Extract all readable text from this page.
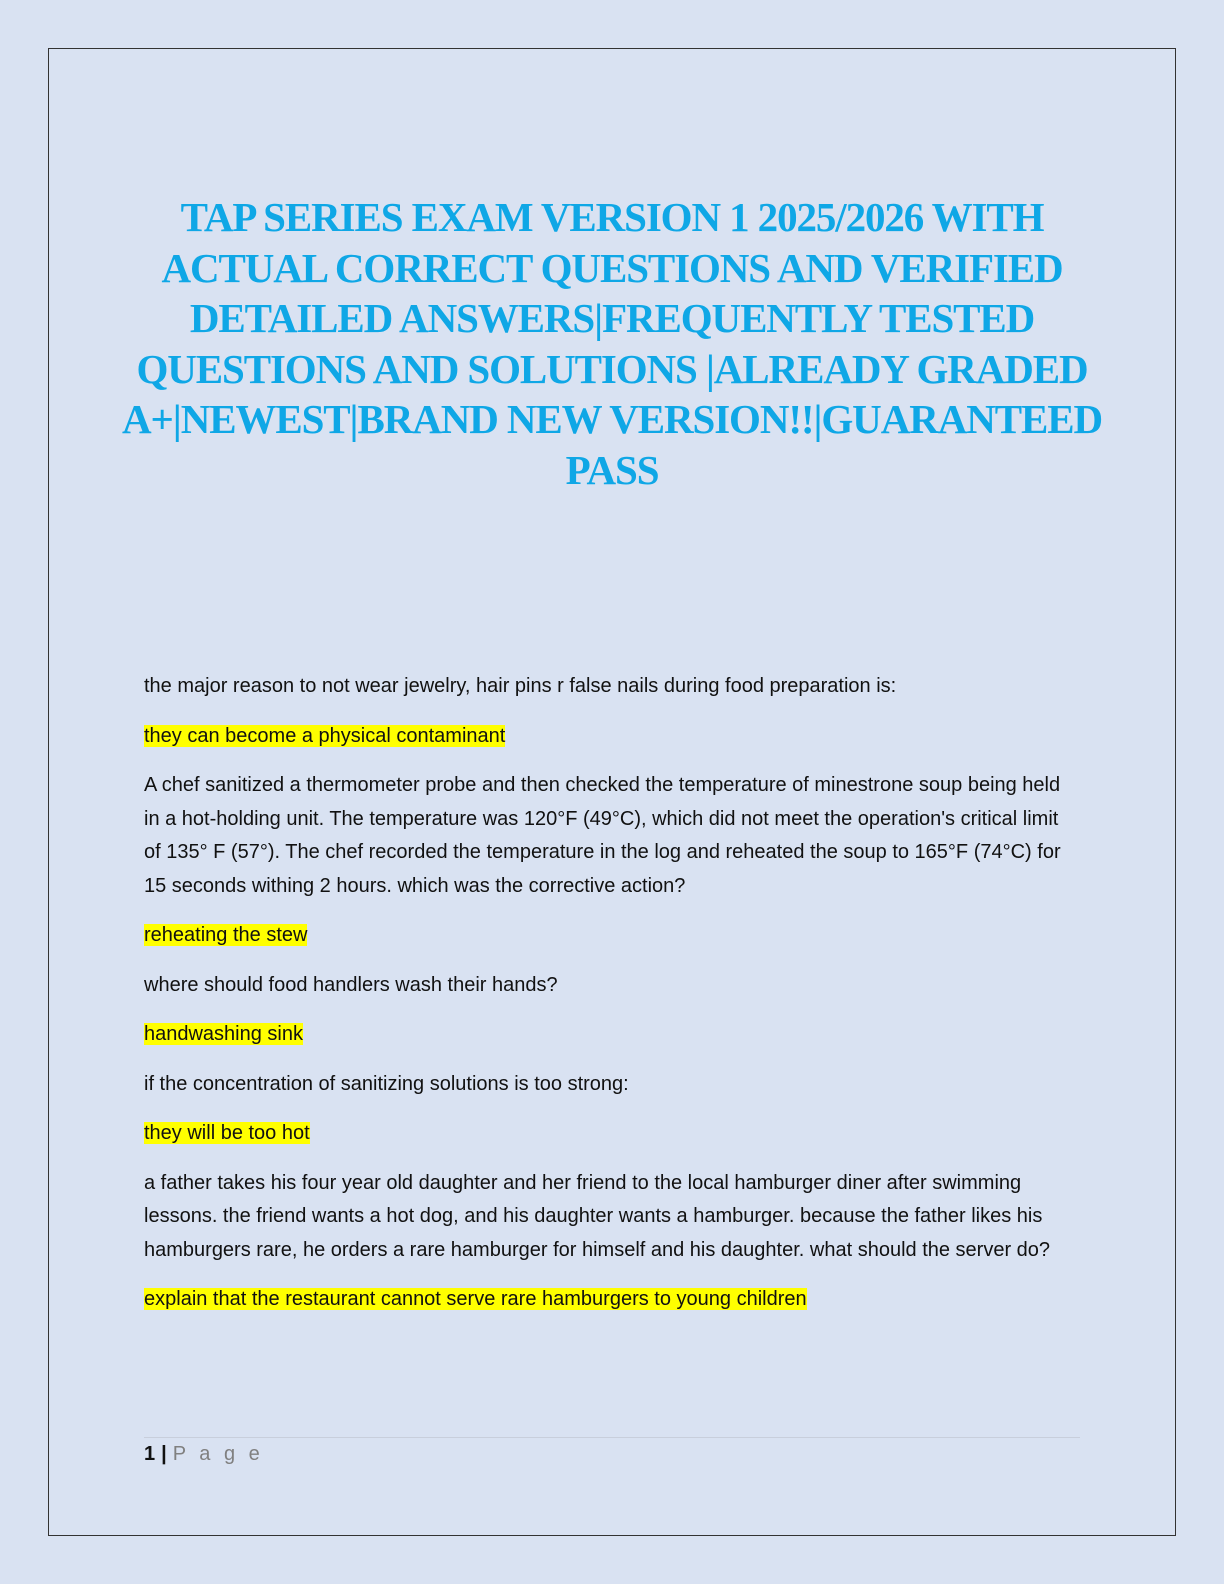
TAP SERIES EXAM VERSION 1 2025/2026 WITH ACTUAL CORRECT QUESTIONS AND VERIFIED DETAILED ANSWERS|FREQUENTLY TESTED QUESTIONS AND SOLUTIONS |ALREADY GRADED A+|NEWEST|BRAND NEW VERSION!!|GUARANTEED PASS

the major reason to not wear jewelry, hair pins r false nails during food preparation is:

they can become a physical contaminant

A chef sanitized a thermometer probe and then checked the temperature of minestrone soup being held in a hot-holding unit. The temperature was 120°F (49°C), which did not meet the operation's critical limit of 135° F (57°). The chef recorded the temperature in the log and reheated the soup to 165°F (74°C) for 15 seconds withing 2 hours. which was the corrective action?

reheating the stew

where should food handlers wash their hands?

handwashing sink

if the concentration of sanitizing solutions is too strong:

they will be too hot

a father takes his four year old daughter and her friend to the local hamburger diner after swimming lessons. the friend wants a hot dog, and his daughter wants a hamburger. because the father likes his hamburgers rare, he orders a rare hamburger for himself and his daughter. what should the server do?

explain that the restaurant cannot serve rare hamburgers to young children

1 | P a g e
